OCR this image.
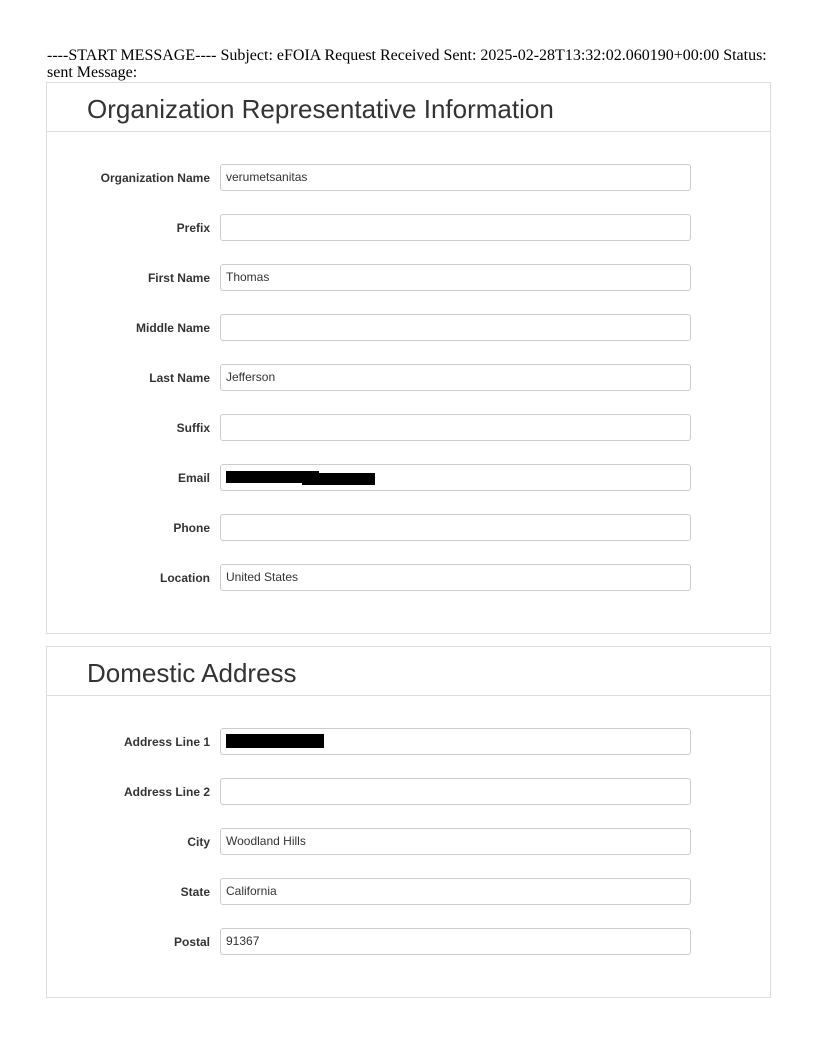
----START MESSAGE---- Subject: eFOIA Request Received Sent: 2025-02-28T13:32:02.060190+00:00 Status: sent Message:
Organization Representative Information
Organization Name	verumetsanitas
Prefix
First Name	Thomas
Middle Name
Last Name	Jefferson
Suffix
Email
Phone
Location	United States
Domestic Address
Address Line 1
Address Line 2
City	Woodland Hills
State	California
Postal	91367
